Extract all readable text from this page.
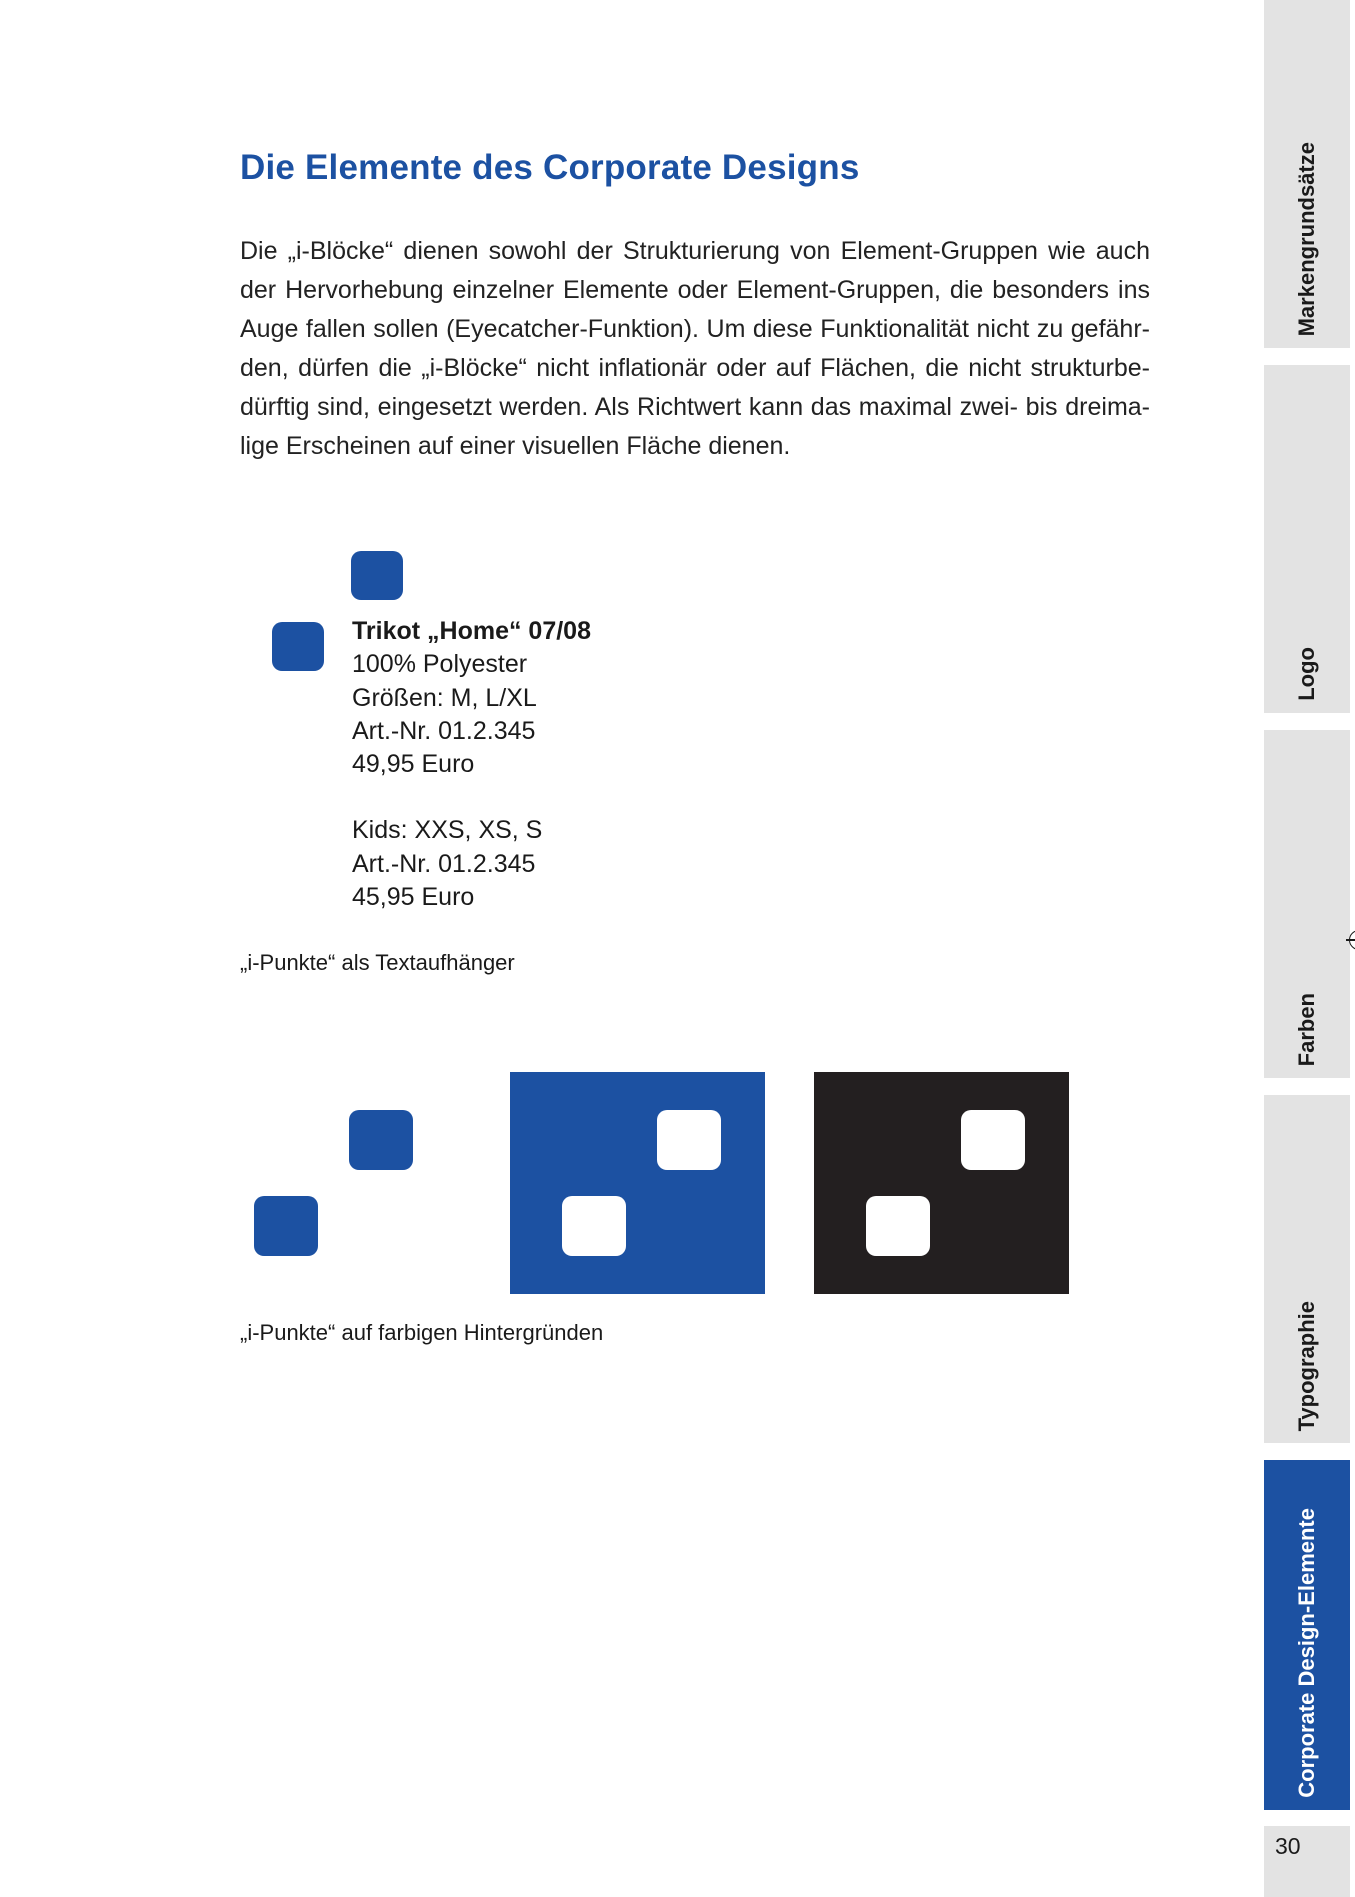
Die Elemente des Corporate Designs

Die „i-Blöcke“ dienen sowohl der Strukturierung von Element-Gruppen wie auch
der Hervorhebung einzelner Elemente oder Element-Gruppen, die besonders ins
Auge fallen sollen (Eyecatcher-Funktion). Um diese Funktionalität nicht zu gefähr-
den, dürfen die „i-Blöcke“ nicht inflationär oder auf Flächen, die nicht strukturbe-
dürftig sind, eingesetzt werden. Als Richtwert kann das maximal zwei- bis dreima-
lige Erscheinen auf einer visuellen Fläche dienen.

Trikot „Home“ 07/08
100% Polyester
Größen: M, L/XL
Art.-Nr. 01.2.345
49,95 Euro
Kids: XXS, XS, S
Art.-Nr. 01.2.345
45,95 Euro
„i-Punkte“ als Textaufhänger
„i-Punkte“ auf farbigen Hintergründen
Markengrundsätze
Logo
Farben
Typographie
Corporate Design-Elemente
30
